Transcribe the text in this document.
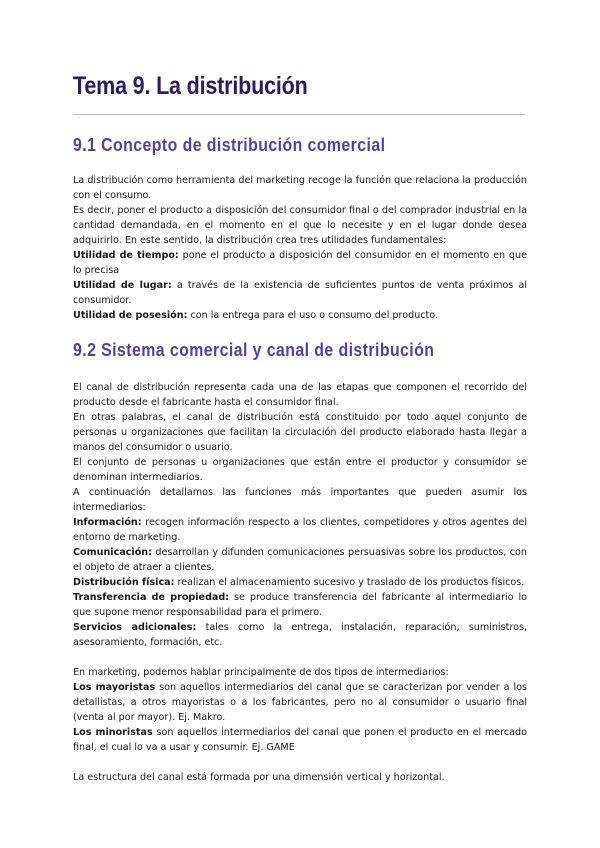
Tema 9. La distribución
9.1 Concepto de distribución comercial

La distribución como herramienta del marketing recoge la función que relaciona la producción con el consumo.

Es decir, poner el producto a disposición del consumidor final o del comprador industrial en la cantidad demandada, en el momento en el que lo necesite y en el lugar donde desea adquirirlo. En este sentido, la distribución crea tres utilidades fundamentales:

Utilidad de tiempo: pone el producto a disposición del consumidor en el momento en que lo precisa

Utilidad de lugar: a través de la existencia de suficientes puntos de venta próximos al consumidor.

Utilidad de posesión: con la entrega para el uso o consumo del producto.

9.2 Sistema comercial y canal de distribución

El canal de distribución representa cada una de las etapas que componen el recorrido del producto desde el fabricante hasta el consumidor final.

En otras palabras, el canal de distribución está constituido por todo aquel conjunto de personas u organizaciones que facilitan la circulación del producto elaborado hasta llegar a manos del consumidor o usuario.

El conjunto de personas u organizaciones que están entre el productor y consumidor se denominan intermediarios.

A continuación detallamos las funciones más importantes que pueden asumir los intermediarios:

Información: recogen información respecto a los clientes, competidores y otros agentes del entorno de marketing.

Comunicación: desarrollan y difunden comunicaciones persuasivas sobre los productos, con el objeto de atraer a clientes.

Distribución física: realizan el almacenamiento sucesivo y traslado de los productos físicos.

Transferencia de propiedad: se produce transferencia del fabricante al intermediario lo que supone menor responsabilidad para el primero.

Servicios adicionales: tales como la entrega, instalación, reparación, suministros, asesoramiento, formación, etc.

En marketing, podemos hablar principalmente de dos tipos de intermediarios:

Los mayoristas son aquellos intermediarios del canal que se caracterizan por vender a los detallistas, a otros mayoristas o a los fabricantes, pero no al consumidor o usuario final (venta al por mayor). Ej. Makro.

Los minoristas son aquellos intermediarios del canal que ponen el producto en el mercado final, el cual lo va a usar y consumir. Ej. GAME

La estructura del canal está formada por una dimensión vertical y horizontal.
